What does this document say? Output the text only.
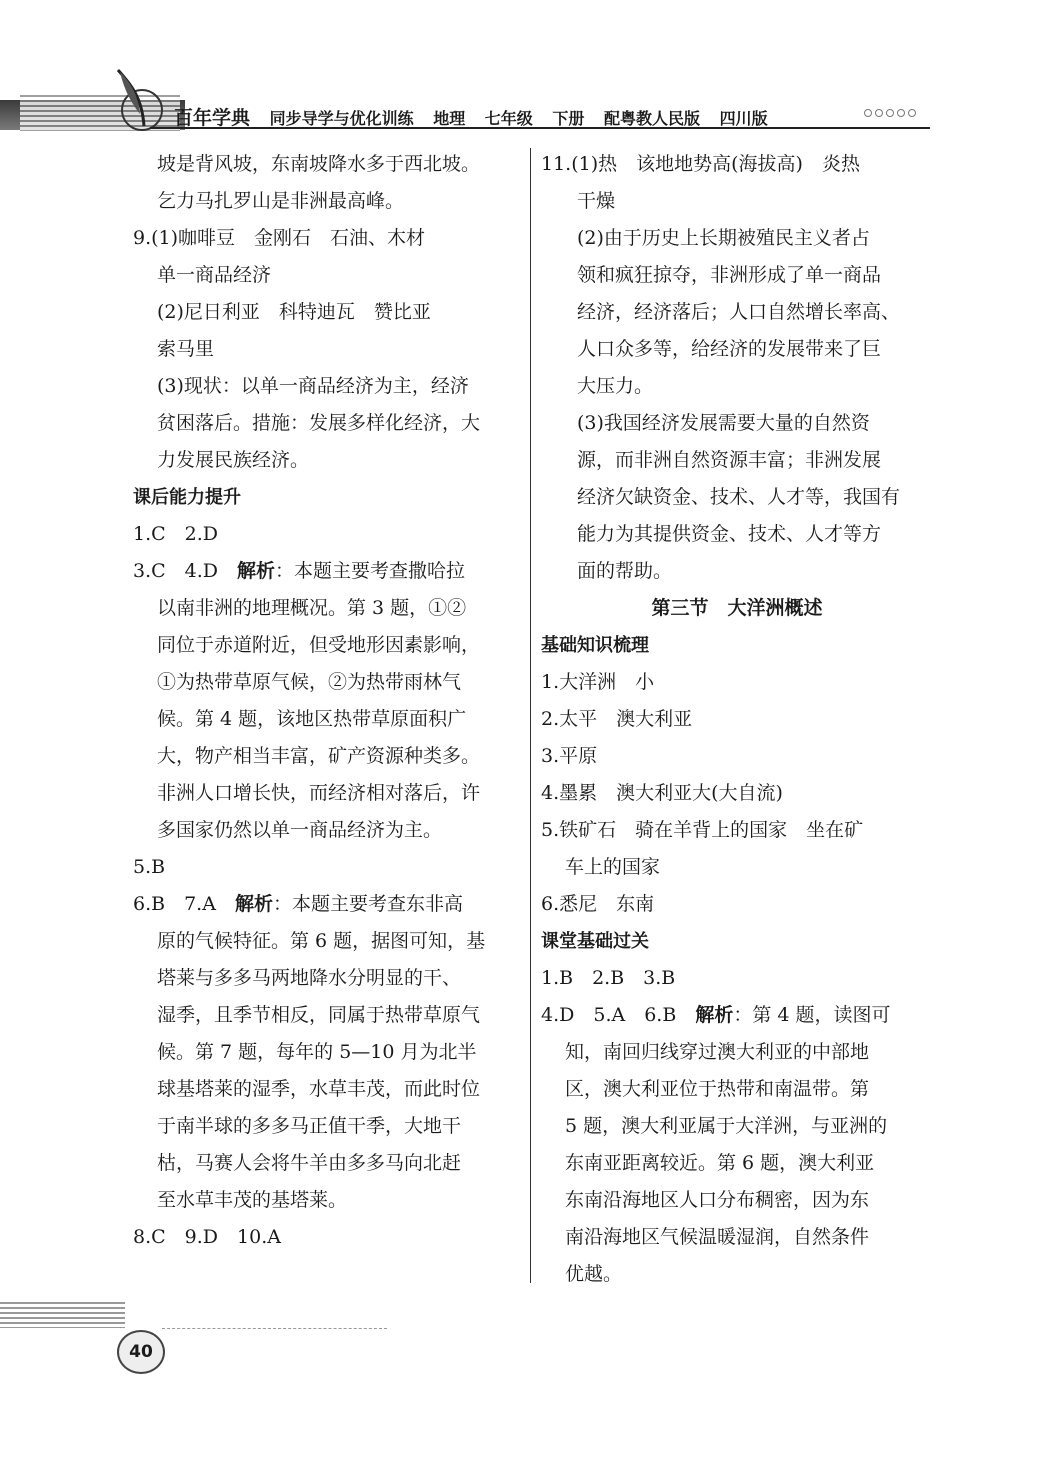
百年学典 同步导学与优化训练 地理 七年级 下册 配粤教人民版 四川版

坡是背风坡，东南坡降水多于西北坡。

乞力马扎罗山是非洲最高峰。

9.(1)咖啡豆　金刚石　石油、木材

单一商品经济

(2)尼日利亚　科特迪瓦　赞比亚

索马里

(3)现状：以单一商品经济为主，经济

贫困落后。措施：发展多样化经济，大

力发展民族经济。

课后能力提升

1.C　2.D

3.C　4.D　解析：本题主要考查撒哈拉

以南非洲的地理概况。第 3 题，①②

同位于赤道附近，但受地形因素影响，

①为热带草原气候，②为热带雨林气

候。第 4 题，该地区热带草原面积广

大，物产相当丰富，矿产资源种类多。

非洲人口增长快，而经济相对落后，许

多国家仍然以单一商品经济为主。

5.B

6.B　7.A　解析：本题主要考查东非高

原的气候特征。第 6 题，据图可知，基

塔莱与多多马两地降水分明显的干、

湿季，且季节相反，同属于热带草原气

候。第 7 题，每年的 5—10 月为北半

球基塔莱的湿季，水草丰茂，而此时位

于南半球的多多马正值干季，大地干

枯，马赛人会将牛羊由多多马向北赶

至水草丰茂的基塔莱。

8.C　9.D　10.A

11.(1)热　该地地势高(海拔高)　炎热

干燥

(2)由于历史上长期被殖民主义者占

领和疯狂掠夺，非洲形成了单一商品

经济，经济落后；人口自然增长率高、

人口众多等，给经济的发展带来了巨

大压力。

(3)我国经济发展需要大量的自然资

源，而非洲自然资源丰富；非洲发展

经济欠缺资金、技术、人才等，我国有

能力为其提供资金、技术、人才等方

面的帮助。

第三节　大洋洲概述

基础知识梳理

1.大洋洲　小

2.太平　澳大利亚

3.平原

4.墨累　澳大利亚大(大自流)

5.铁矿石　骑在羊背上的国家　坐在矿

车上的国家

6.悉尼　东南

课堂基础过关

1.B　2.B　3.B

4.D　5.A　6.B　解析：第 4 题，读图可

知，南回归线穿过澳大利亚的中部地

区，澳大利亚位于热带和南温带。第

5 题，澳大利亚属于大洋洲，与亚洲的

东南亚距离较近。第 6 题，澳大利亚

东南沿海地区人口分布稠密，因为东

南沿海地区气候温暖湿润，自然条件

优越。

40
